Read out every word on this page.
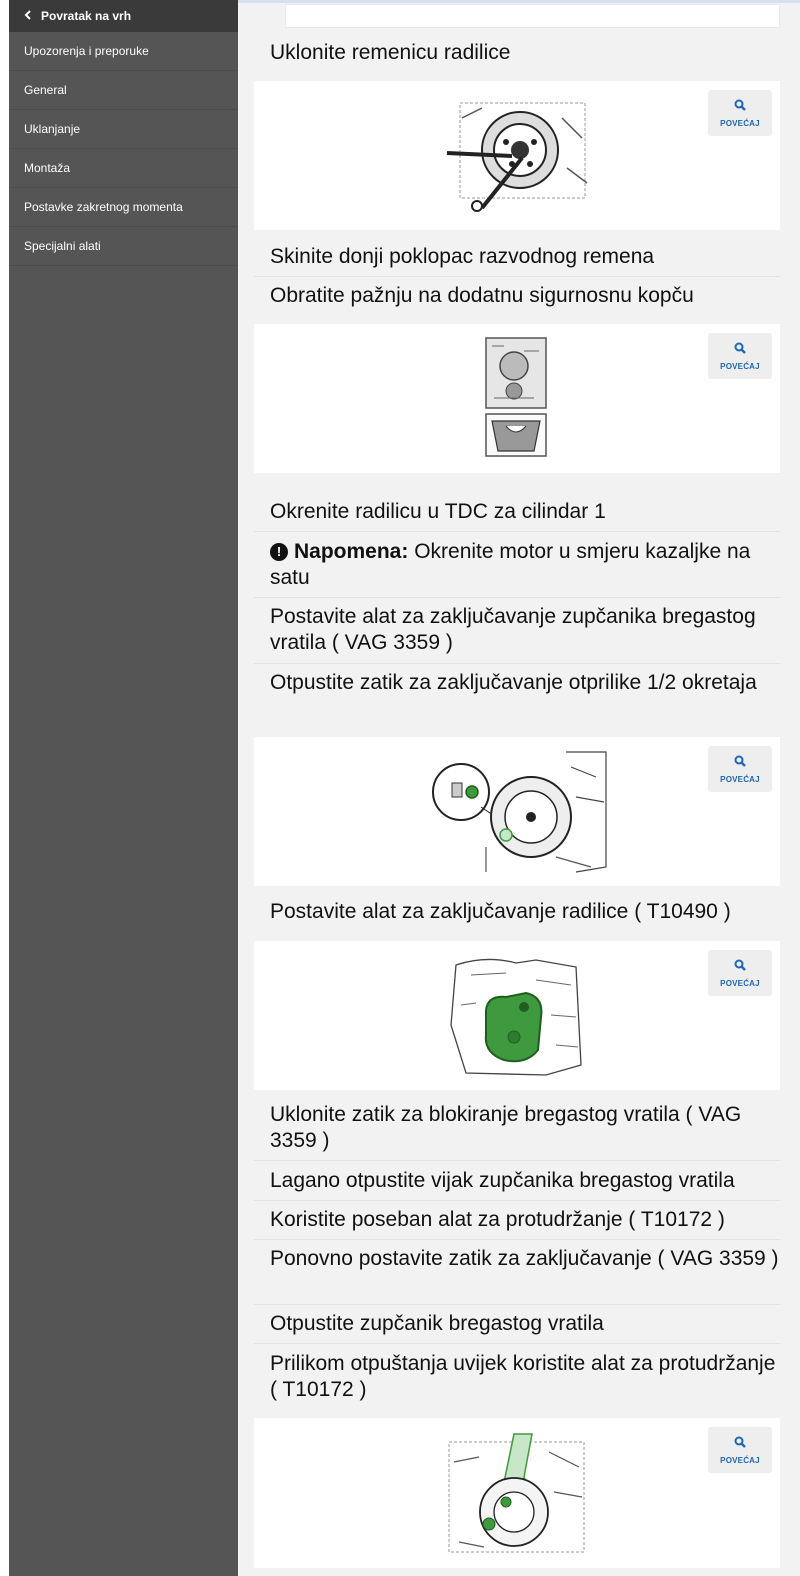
Povratak na vrh
Upozorenja i preporuke
General
Uklanjanje
Montaža
Postavke zakretnog momenta
Specijalni alati
Uklonite remenicu radilice
POVEĆAJ
Skinite donji poklopac razvodnog remena
Obratite pažnju na dodatnu sigurnosnu kopču
POVEĆAJ
Okrenite radilicu u TDC za cilindar 1
! Napomena: Okrenite motor u smjeru kazaljke na satu
Postavite alat za zaključavanje zupčanika bregastog vratila ( VAG 3359 )
Otpustite zatik za zaključavanje otprilike 1/2 okretaja
POVEĆAJ
Postavite alat za zaključavanje radilice ( T10490 )
POVEĆAJ
Uklonite zatik za blokiranje bregastog vratila ( VAG 3359 )
Lagano otpustite vijak zupčanika bregastog vratila
Koristite poseban alat za protudržanje ( T10172 )
Ponovno postavite zatik za zaključavanje ( VAG 3359 )
Otpustite zupčanik bregastog vratila
Prilikom otpuštanja uvijek koristite alat za protudržanje ( T10172 )
POVEĆAJ
